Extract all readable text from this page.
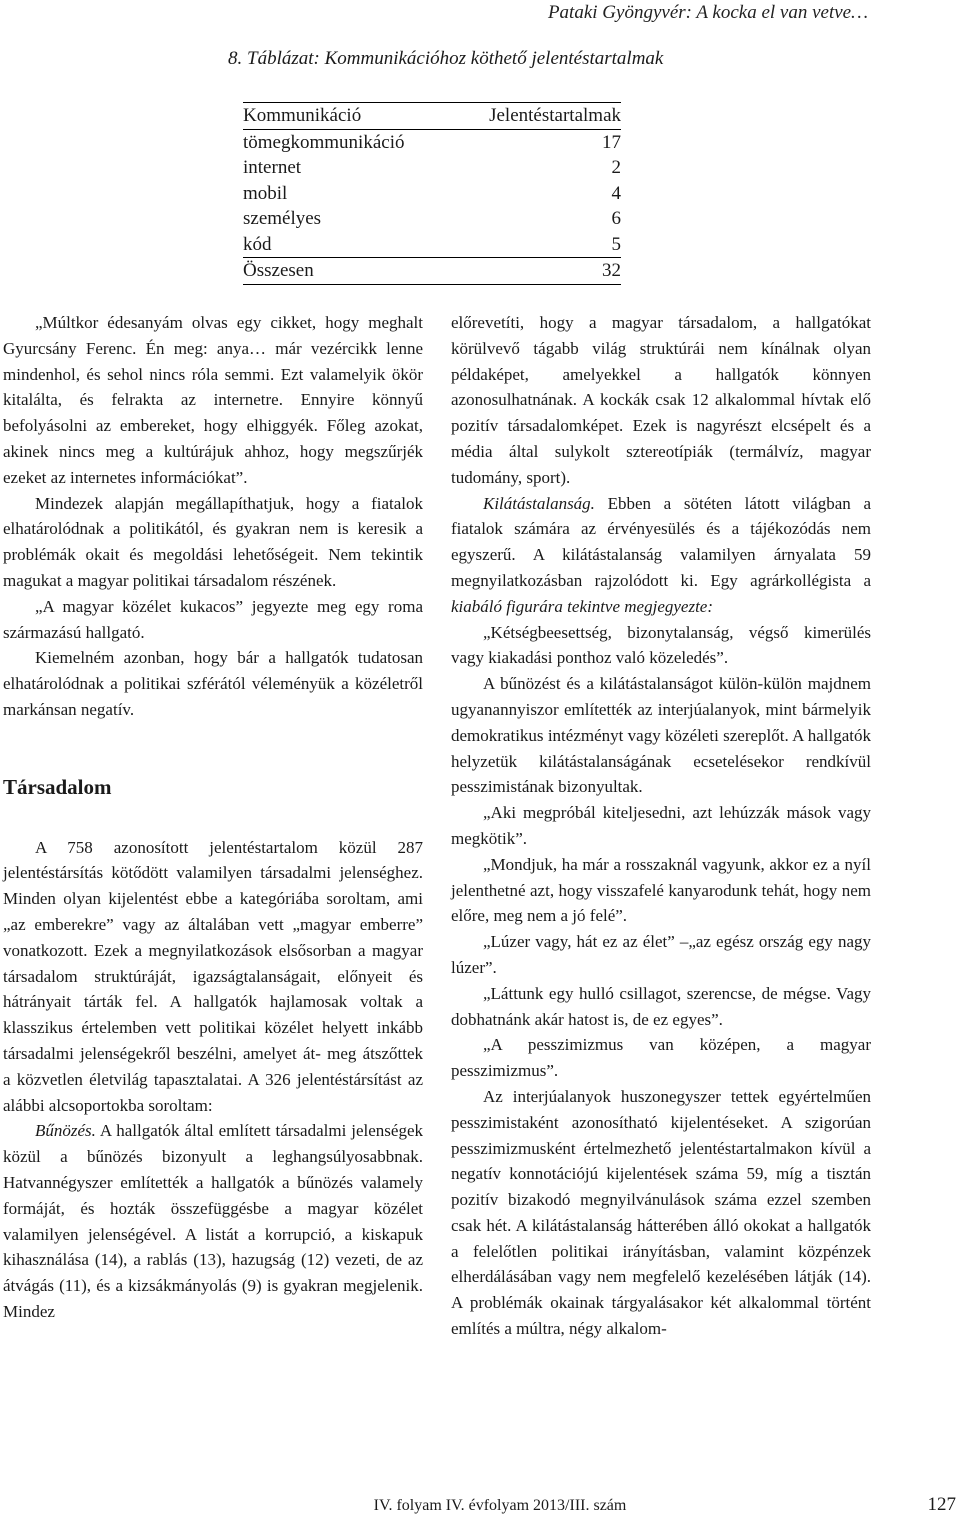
Pataki Gyöngyvér: A kocka el van vetve…
8. Táblázat: Kommunikációhoz köthető jelentéstartalmak
Kommunikáció	Jelentéstartalmak
tömegkommunikáció	17
internet	2
mobil	4
személyes	6
kód	5
Összesen	32

„Múltkor édesanyám olvas egy cikket, hogy meghalt Gyurcsány Ferenc. Én meg: anya… már vezércikk lenne mindenhol, és sehol nincs róla semmi. Ezt valamelyik ökör kitalálta, és felrakta az internetre. Ennyire könnyű befolyásolni az embereket, hogy elhiggyék. Főleg azokat, akinek nincs meg a kultúrájuk ahhoz, hogy megszűrjék ezeket az internetes információkat”.

Mindezek alapján megállapíthatjuk, hogy a fiatalok elhatárolódnak a politikától, és gyakran nem is keresik a problémák okait és megoldási lehetőségeit. Nem tekintik magukat a magyar politikai társadalom részének.

„A magyar közélet kukacos” jegyezte meg egy roma származású hallgató.

Kiemelném azonban, hogy bár a hallgatók tudatosan elhatárolódnak a politikai szférától véleményük a közéletről markánsan negatív.

Társadalom

A 758 azonosított jelentéstartalom közül 287 jelentéstársítás kötődött valamilyen társadalmi jelenséghez. Minden olyan kijelentést ebbe a kategóriába soroltam, ami „az emberekre” vagy az általában vett „magyar emberre” vonatkozott. Ezek a megnyilatkozások elsősorban a magyar társadalom struktúráját, igazságtalanságait, előnyeit és hátrányait tárták fel. A hallgatók hajlamosak voltak a klasszikus értelemben vett politikai közélet helyett inkább társadalmi jelenségekről beszélni, amelyet át- meg átszőttek a közvetlen életvilág tapasztalatai. A 326 jelentéstársítást az alábbi alcsoportokba soroltam:

Bűnözés. A hallgatók által említett társadalmi jelenségek közül a bűnözés bizonyult a leghangsúlyosabbnak. Hatvannégyszer említették a hallgatók a bűnözés valamely formáját, és hozták összefüggésbe a magyar közélet valamilyen jelenségével. A listát a korrupció, a kiskapuk kihasználása (14), a rablás (13), hazugság (12) vezeti, de az átvágás (11), és a kizsákmányolás (9) is gyakran megjelenik. Mindez

előrevetíti, hogy a magyar társadalom, a hallgatókat körülvevő tágabb világ struktúrái nem kínálnak olyan példaképet, amelyekkel a hallgatók könnyen azonosulhatnának. A kockák csak 12 alkalommal hívtak elő pozitív társadalomképet. Ezek is nagyrészt elcsépelt és a média által sulykolt sztereotípiák (termálvíz, magyar tudomány, sport).

Kilátástalanság. Ebben a sötéten látott világban a fiatalok számára az érvényesülés és a tájékozódás nem egyszerű. A kilátástalanság valamilyen árnyalata 59 megnyilatkozásban rajzolódott ki. Egy agrárkollégista a kiabáló figurára tekintve megjegyezte:

„Kétségbeesettség, bizonytalanság, végső kimerülés vagy kiakadási ponthoz való közeledés”.

A bűnözést és a kilátástalanságot külön-külön majdnem ugyanannyiszor említették az interjúalanyok, mint bármelyik demokratikus intézményt vagy közéleti szereplőt. A hallgatók helyzetük kilátástalanságának ecsetelésekor rendkívül pesszimistának bizonyultak.

„Aki megpróbál kiteljesedni, azt lehúzzák mások vagy megkötik”.

„Mondjuk, ha már a rosszaknál vagyunk, akkor ez a nyíl jelenthetné azt, hogy visszafelé kanyarodunk tehát, hogy nem előre, meg nem a jó felé”.

„Lúzer vagy, hát ez az élet” –„az egész ország egy nagy lúzer”.

„Láttunk egy hulló csillagot, szerencse, de mégse. Vagy dobhatnánk akár hatost is, de ez egyes”.

„A pesszimizmus van középen, a magyar pesszimizmus”.

Az interjúalanyok huszonegyszer tettek egyértelműen pesszimistaként azonosítható kijelentéseket. A szigorúan pesszimizmusként értelmezhető jelentéstartalmakon kívül a negatív konnotációjú kijelentések száma 59, míg a tisztán pozitív bizakodó megnyilvánulások száma ezzel szemben csak hét. A kilátástalanság hátterében álló okokat a hallgatók a felelőtlen politikai irányításban, valamint közpénzek elherdálásában vagy nem megfelelő kezelésében látják (14). A problémák okainak tárgyalásakor két alkalommal történt említés a múltra, négy alkalom-

IV. folyam IV. évfolyam 2013/III. szám	127
